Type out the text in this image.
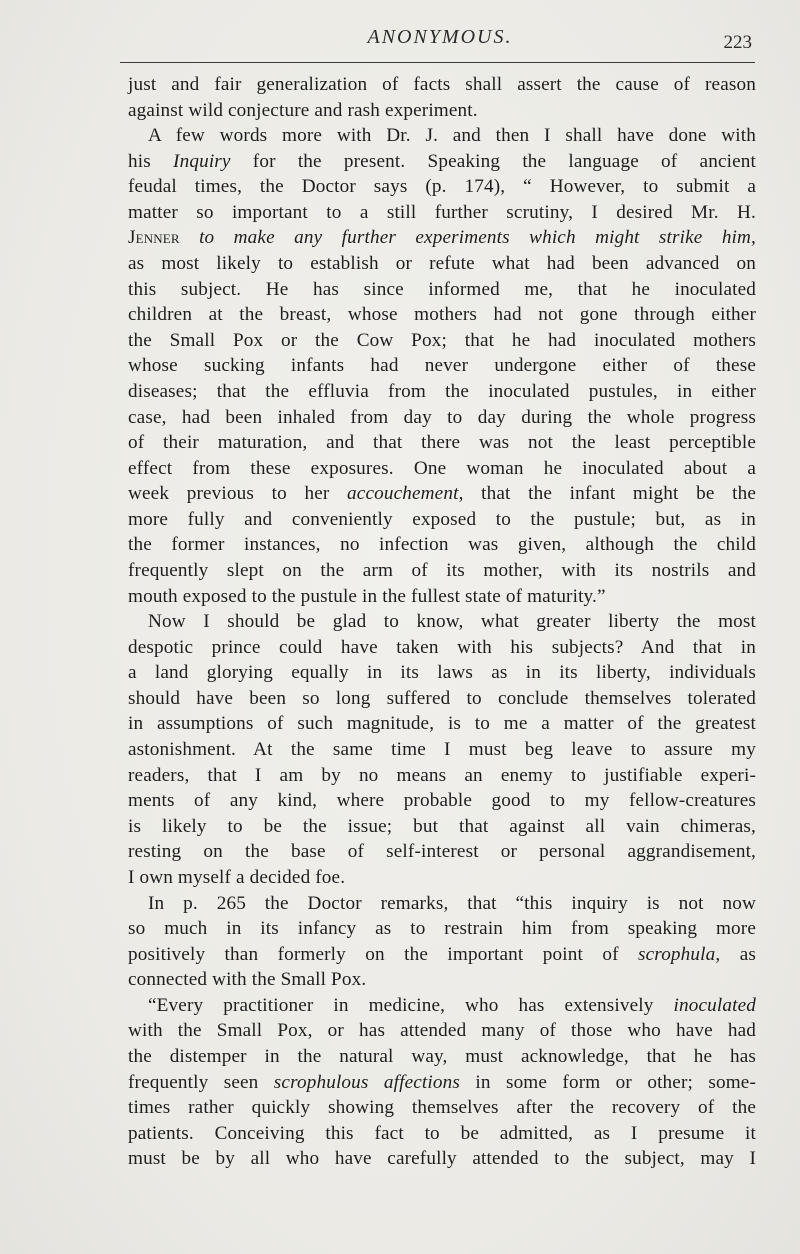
ANONYMOUS.	223
just and fair generalization of facts shall assert the cause of reason
against wild conjecture and rash experiment.
A few words more with Dr. J. and then I shall have done with
his Inquiry for the present. Speaking the language of ancient
feudal times, the Doctor says (p. 174), “ However, to submit a
matter so important to a still further scrutiny, I desired Mr. H.
Jenner to make any further experiments which might strike him,
as most likely to establish or refute what had been advanced on
this subject. He has since informed me, that he inoculated
children at the breast, whose mothers had not gone through either
the Small Pox or the Cow Pox; that he had inoculated mothers
whose sucking infants had never undergone either of these
diseases; that the effluvia from the inoculated pustules, in either
case, had been inhaled from day to day during the whole progress
of their maturation, and that there was not the least perceptible
effect from these exposures. One woman he inoculated about a
week previous to her accouchement, that the infant might be the
more fully and conveniently exposed to the pustule; but, as in
the former instances, no infection was given, although the child
frequently slept on the arm of its mother, with its nostrils and
mouth exposed to the pustule in the fullest state of maturity.”
Now I should be glad to know, what greater liberty the most
despotic prince could have taken with his subjects? And that in
a land glorying equally in its laws as in its liberty, individuals
should have been so long suffered to conclude themselves tolerated
in assumptions of such magnitude, is to me a matter of the greatest
astonishment. At the same time I must beg leave to assure my
readers, that I am by no means an enemy to justifiable experi-
ments of any kind, where probable good to my fellow-creatures
is likely to be the issue; but that against all vain chimeras,
resting on the base of self-interest or personal aggrandisement,
I own myself a decided foe.
In p. 265 the Doctor remarks, that “this inquiry is not now
so much in its infancy as to restrain him from speaking more
positively than formerly on the important point of scrophula, as
connected with the Small Pox.
“Every practitioner in medicine, who has extensively inoculated
with the Small Pox, or has attended many of those who have had
the distemper in the natural way, must acknowledge, that he has
frequently seen scrophulous affections in some form or other; some-
times rather quickly showing themselves after the recovery of the
patients. Conceiving this fact to be admitted, as I presume it
must be by all who have carefully attended to the subject, may I
